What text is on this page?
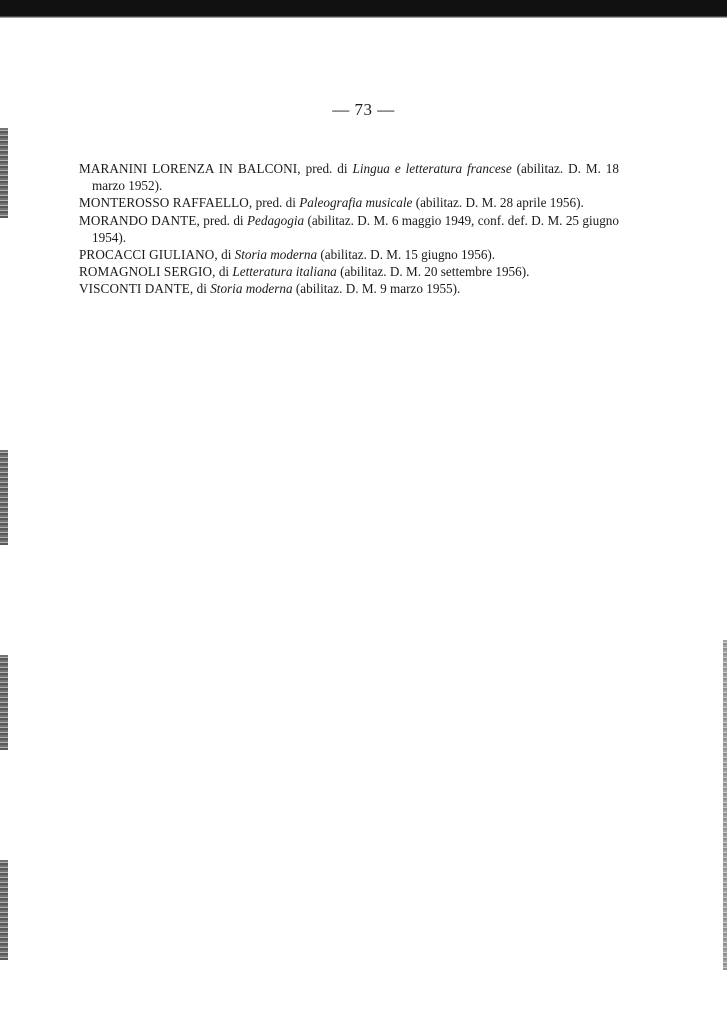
— 73 —
MARANINI LORENZA IN BALCONI, pred. di Lingua e letteratura francese (abilitaz. D. M. 18 marzo 1952).
MONTEROSSO RAFFAELLO, pred. di Paleografia musicale (abilitaz. D. M. 28 aprile 1956).
MORANDO DANTE, pred. di Pedagogia (abilitaz. D. M. 6 maggio 1949, conf. def. D. M. 25 giugno 1954).
PROCACCI GIULIANO, di Storia moderna (abilitaz. D. M. 15 giugno 1956).
ROMAGNOLI SERGIO, di Letteratura italiana (abilitaz. D. M. 20 settembre 1956).
VISCONTI DANTE, di Storia moderna (abilitaz. D. M. 9 marzo 1955).
